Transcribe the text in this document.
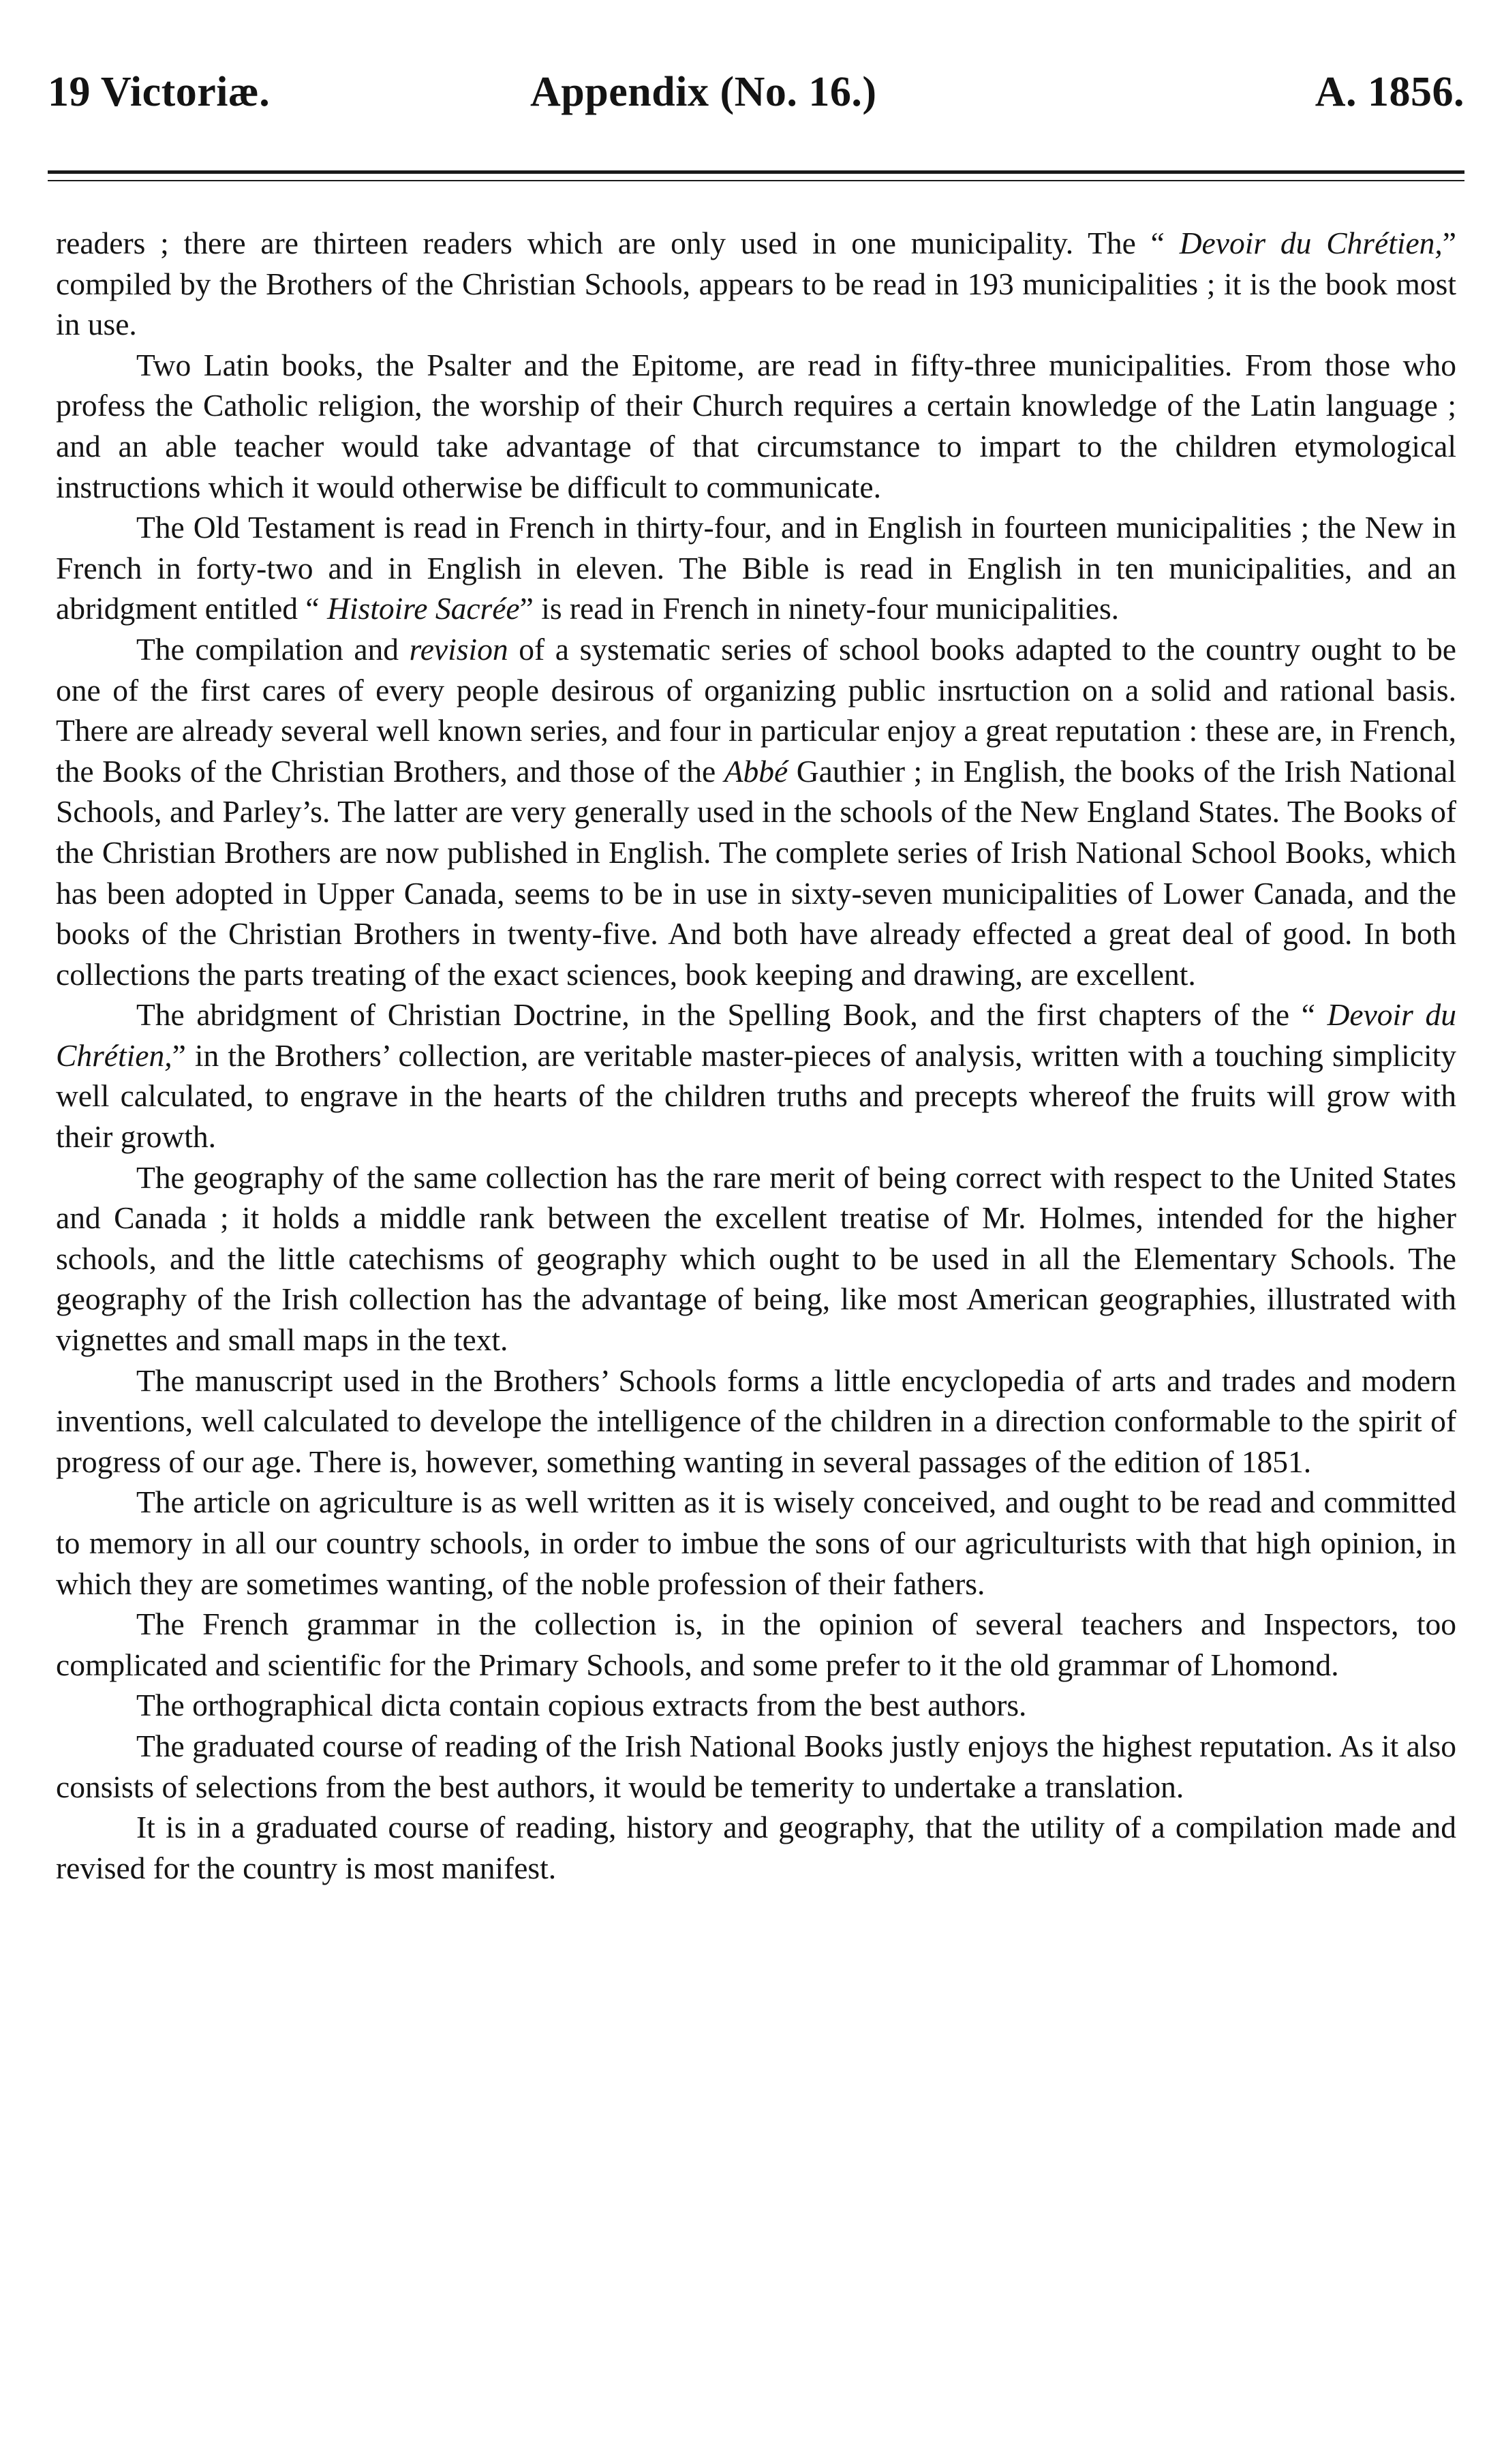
19 Victoriæ.	Appendix (No. 16.)	A. 1856.

readers ; there are thirteen readers which are only used in one municipality. The “ Devoir du Chrétien,” compiled by the Brothers of the Christian Schools, appears to be read in 193 municipalities ; it is the book most in use.

Two Latin books, the Psalter and the Epitome, are read in fifty-three municipalities. From those who profess the Catholic religion, the worship of their Church requires a certain knowledge of the Latin language ; and an able teacher would take advantage of that circumstance to impart to the children etymological instructions which it would otherwise be difficult to communicate.

The Old Testament is read in French in thirty-four, and in English in fourteen municipalities ; the New in French in forty-two and in English in eleven. The Bible is read in English in ten municipalities, and an abridgment entitled “ Histoire Sacrée” is read in French in ninety-four municipalities.

The compilation and revision of a systematic series of school books adapted to the country ought to be one of the first cares of every people desirous of organizing public insrtuction on a solid and rational basis. There are already several well known series, and four in particular enjoy a great reputation : these are, in French, the Books of the Christian Brothers, and those of the Abbé Gauthier ; in English, the books of the Irish National Schools, and Parley’s. The latter are very generally used in the schools of the New England States. The Books of the Christian Brothers are now published in English. The complete series of Irish National School Books, which has been adopted in Upper Canada, seems to be in use in sixty-seven municipalities of Lower Canada, and the books of the Christian Brothers in twenty-five. And both have already effected a great deal of good. In both collections the parts treating of the exact sciences, book keeping and drawing, are excellent.

The abridgment of Christian Doctrine, in the Spelling Book, and the first chapters of the “ Devoir du Chrétien,” in the Brothers’ collection, are veritable master-pieces of analysis, written with a touching simplicity well calculated, to engrave in the hearts of the children truths and precepts whereof the fruits will grow with their growth.

The geography of the same collection has the rare merit of being correct with respect to the United States and Canada ; it holds a middle rank between the excellent treatise of Mr. Holmes, intended for the higher schools, and the little catechisms of geography which ought to be used in all the Elementary Schools. The geography of the Irish collection has the advantage of being, like most American geographies, illustrated with vignettes and small maps in the text.

The manuscript used in the Brothers’ Schools forms a little encyclopedia of arts and trades and modern inventions, well calculated to develope the intelligence of the children in a direction conformable to the spirit of progress of our age. There is, however, something wanting in several passages of the edition of 1851.

The article on agriculture is as well written as it is wisely conceived, and ought to be read and committed to memory in all our country schools, in order to imbue the sons of our agriculturists with that high opinion, in which they are sometimes wanting, of the noble profession of their fathers.

The French grammar in the collection is, in the opinion of several teachers and Inspectors, too complicated and scientific for the Primary Schools, and some prefer to it the old grammar of Lhomond.

The orthographical dicta contain copious extracts from the best authors.

The graduated course of reading of the Irish National Books justly enjoys the highest reputation. As it also consists of selections from the best authors, it would be temerity to undertake a translation.

It is in a graduated course of reading, history and geography, that the utility of a compilation made and revised for the country is most manifest.
